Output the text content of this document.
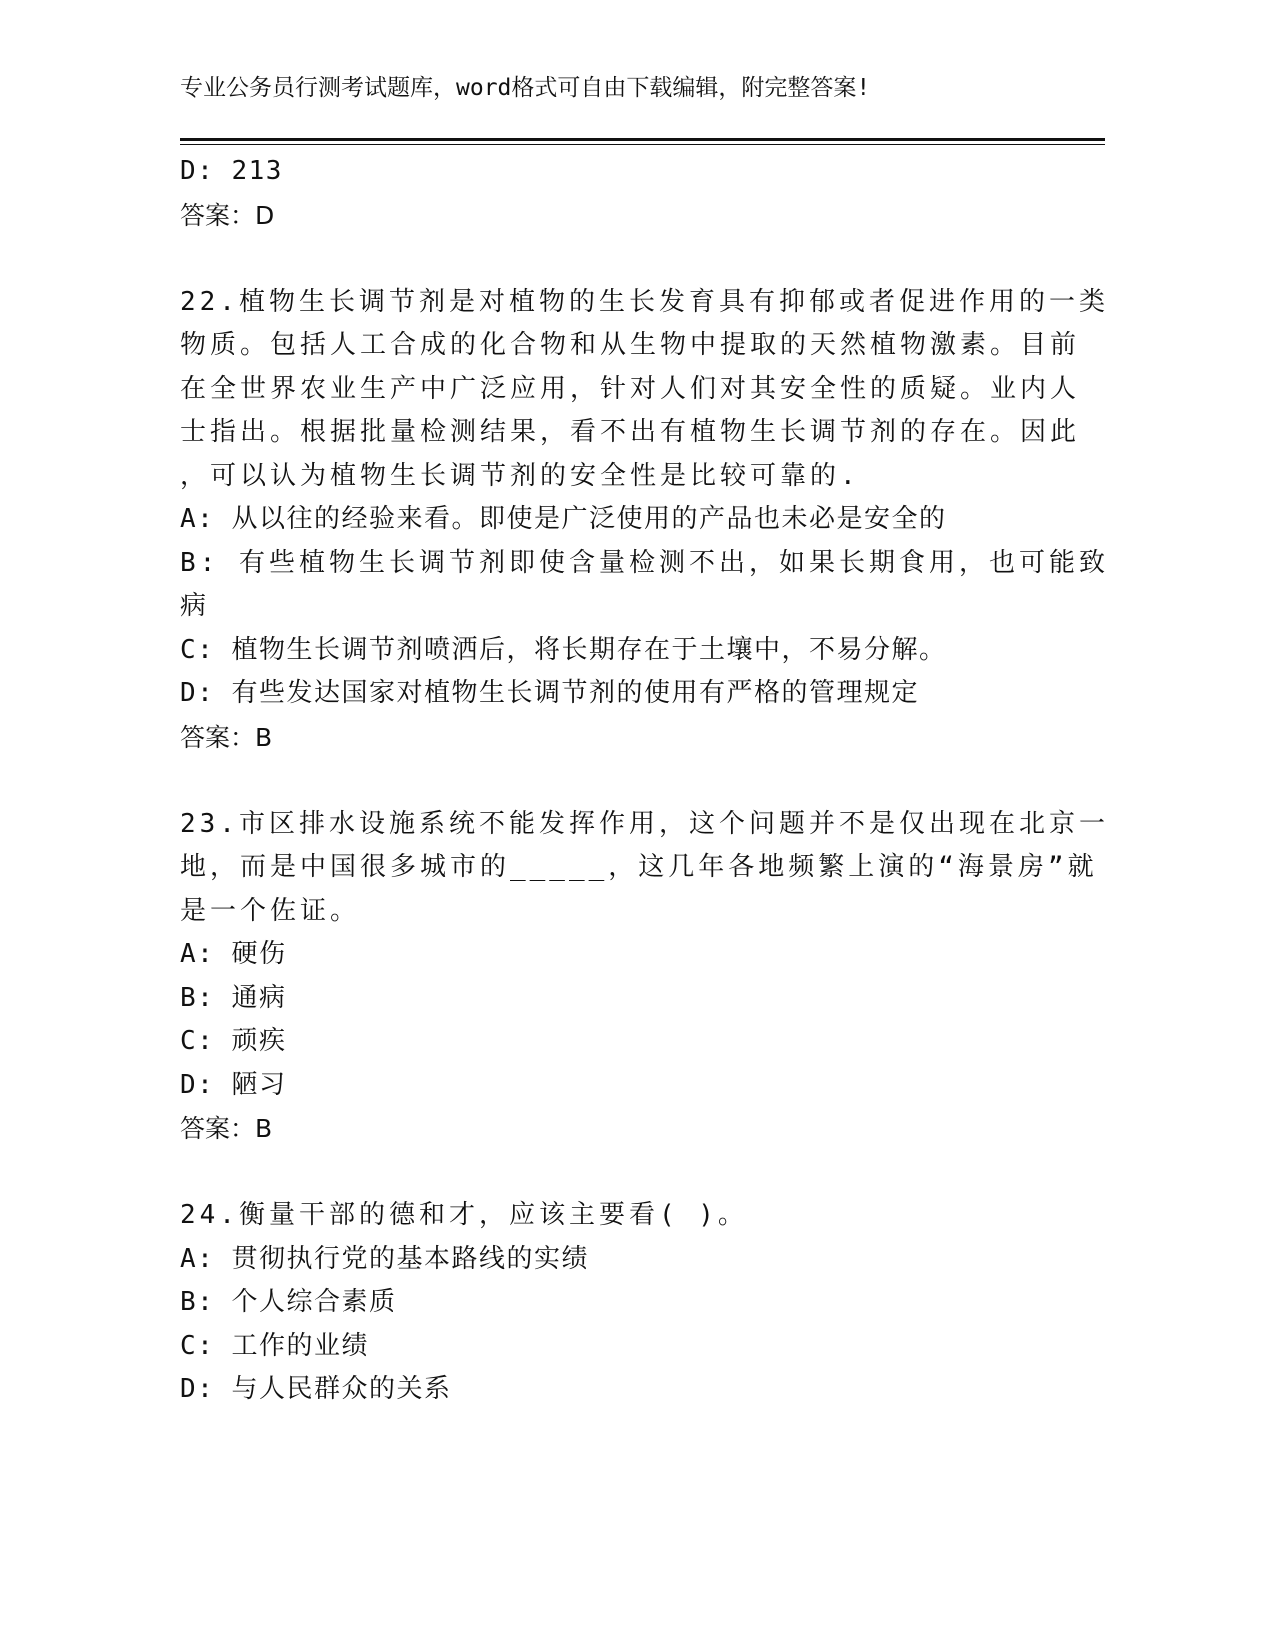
专业公务员行测考试题库，word格式可自由下载编辑，附完整答案!
D: 213
答案：D
22.植物生长调节剂是对植物的生长发育具有抑郁或者促进作用的一类
物质。包括人工合成的化合物和从生物中提取的天然植物激素。目前
在全世界农业生产中广泛应用，针对人们对其安全性的质疑。业内人
士指出。根据批量检测结果，看不出有植物生长调节剂的存在。因此
，可以认为植物生长调节剂的安全性是比较可靠的.
A: 从以往的经验来看。即使是广泛使用的产品也未必是安全的
B: 有些植物生长调节剂即使含量检测不出，如果长期食用，也可能致
病
C: 植物生长调节剂喷洒后，将长期存在于土壤中，不易分解。
D: 有些发达国家对植物生长调节剂的使用有严格的管理规定
答案：B
23.市区排水设施系统不能发挥作用，这个问题并不是仅出现在北京一
地，而是中国很多城市的_____，这几年各地频繁上演的“海景房”就
是一个佐证。
A: 硬伤
B: 通病
C: 顽疾
D: 陋习
答案：B
24.衡量干部的德和才，应该主要看( )。
A: 贯彻执行党的基本路线的实绩
B: 个人综合素质
C: 工作的业绩
D: 与人民群众的关系
